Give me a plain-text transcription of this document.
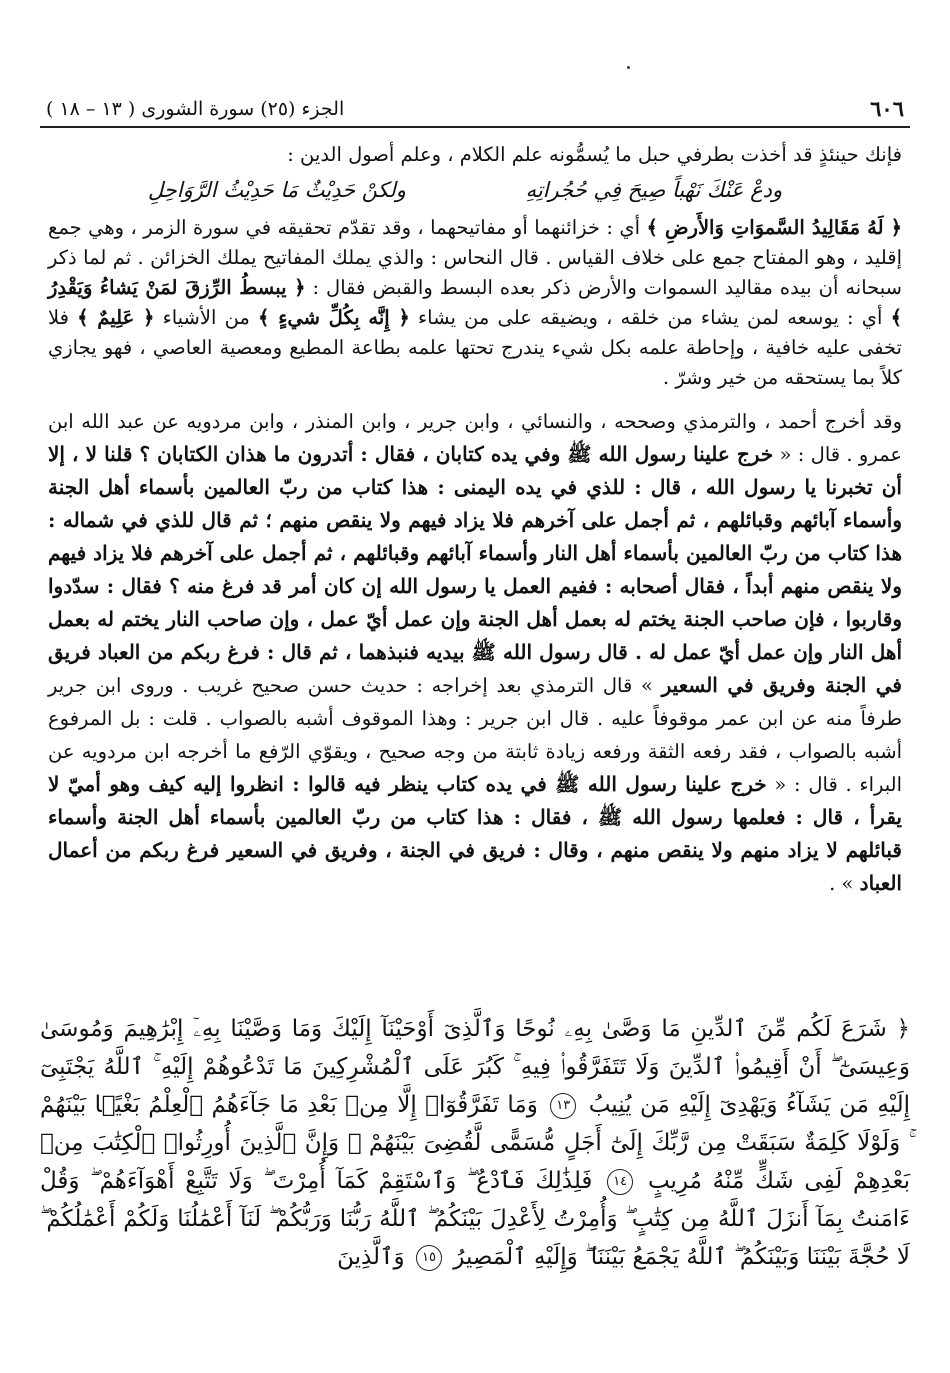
٦٠٦
الجزء (٢٥) سورة الشورى ( ١٣ – ١٨ )

فإنك حينئذٍ قد أخذت بطرفي حبل ما يُسمُّونه علم الكلام ، وعلم أصول الدين :

ودعْ عَنْكَ نَهْباً صِيحَ فِي حُجُراتِهِ
ولكنْ حَدِيْثٌ مَا حَدِيْثُ الرَّوَاحِلِ

﴿ لَهُ مَقَالِيدُ السَّموَاتِ وَالأَرضِ ﴾ أي : خزائنهما أو مفاتيحهما ، وقد تقدّم تحقيقه في سورة الزمر ، وهي جمع إقليد ، وهو المفتاح جمع على خلاف القياس . قال النحاس : والذي يملك المفاتيح يملك الخزائن . ثم لما ذكر سبحانه أن بيده مقاليد السموات والأرض ذكر بعده البسط والقبض فقال : ﴿ يبسطُ الرِّزقَ لمَنْ يَشاءُ وَيَقْدِرُ ﴾ أي : يوسعه لمن يشاء من خلقه ، ويضيقه على من يشاء ﴿ إِنَّه بِكُلِّ شيءٍ ﴾ من الأشياء ﴿ عَلِيمٌ ﴾ فلا تخفى عليه خافية ، وإحاطة علمه بكل شيء يندرج تحتها علمه بطاعة المطيع ومعصية العاصي ، فهو يجازي كلاً بما يستحقه من خير وشرّ .

وقد أخرج أحمد ، والترمذي وصححه ، والنسائي ، وابن جرير ، وابن المنذر ، وابن مردويه عن عبد الله ابن عمرو . قال : « خرج علينا رسول الله ﷺ وفي يده كتابان ، فقال : أتدرون ما هذان الكتابان ؟ قلنا لا ، إلا أن تخبرنا يا رسول الله ، قال : للذي في يده اليمنى : هذا كتاب من ربّ العالمين بأسماء أهل الجنة وأسماء آبائهم وقبائلهم ، ثم أجمل على آخرهم فلا يزاد فيهم ولا ينقص منهم ؛ ثم قال للذي في شماله : هذا كتاب من ربّ العالمين بأسماء أهل النار وأسماء آبائهم وقبائلهم ، ثم أجمل على آخرهم فلا يزاد فيهم ولا ينقص منهم أبداً ، فقال أصحابه : ففيم العمل يا رسول الله إن كان أمر قد فرغ منه ؟ فقال : سدّدوا وقاربوا ، فإن صاحب الجنة يختم له بعمل أهل الجنة وإن عمل أيّ عمل ، وإن صاحب النار يختم له بعمل أهل النار وإن عمل أيّ عمل له . قال رسول الله ﷺ بيديه فنبذهما ، ثم قال : فرغ ربكم من العباد فريق في الجنة وفريق في السعير » قال الترمذي بعد إخراجه : حديث حسن صحيح غريب . وروى ابن جرير طرفاً منه عن ابن عمر موقوفاً عليه . قال ابن جرير : وهذا الموقوف أشبه بالصواب . قلت : بل المرفوع أشبه بالصواب ، فقد رفعه الثقة ورفعه زيادة ثابتة من وجه صحيح ، ويقوّي الرّفع ما أخرجه ابن مردويه عن البراء . قال : « خرج علينا رسول الله ﷺ في يده كتاب ينظر فيه قالوا : انظروا إليه كيف وهو أميّ لا يقرأ ، قال : فعلمها رسول الله ﷺ ، فقال : هذا كتاب من ربّ العالمين بأسماء أهل الجنة وأسماء قبائلهم لا يزاد منهم ولا ينقص منهم ، وقال : فريق في الجنة ، وفريق في السعير فرغ ربكم من أعمال العباد » .

﴿ شَرَعَ لَكُم مِّنَ ٱلدِّينِ مَا وَصَّىٰ بِهِۦ نُوحًا وَٱلَّذِىٓ أَوْحَيْنَآ إِلَيْكَ وَمَا وَصَّيْنَا بِهِۦٓ إِبْرَٰهِيمَ وَمُوسَىٰ وَعِيسَىٰٓ ۖ أَنْ أَقِيمُوا۟ ٱلدِّينَ وَلَا تَتَفَرَّقُوا۟ فِيهِ ۚ كَبُرَ عَلَى ٱلْمُشْرِكِينَ مَا تَدْعُوهُمْ إِلَيْهِ ۚ ٱللَّهُ يَجْتَبِىٓ إِلَيْهِ مَن يَشَآءُ وَيَهْدِىٓ إِلَيْهِ مَن يُنِيبُ ١٣ وَمَا تَفَرَّقُوٓا۟ إِلَّا مِنۢ بَعْدِ مَا جَآءَهُمُ ٱلْعِلْمُ بَغْيًۢا بَيْنَهُمْ ۚ وَلَوْلَا كَلِمَةٌ سَبَقَتْ مِن رَّبِّكَ إِلَىٰٓ أَجَلٍ مُّسَمًّى لَّقُضِىَ بَيْنَهُمْ ۚ وَإِنَّ ٱلَّذِينَ أُورِثُوا۟ ٱلْكِتَٰبَ مِنۢ بَعْدِهِمْ لَفِى شَكٍّ مِّنْهُ مُرِيبٍ ١٤ فَلِذَٰلِكَ فَٱدْعُ ۖ وَٱسْتَقِمْ كَمَآ أُمِرْتَ ۖ وَلَا تَتَّبِعْ أَهْوَآءَهُمْ ۖ وَقُلْ ءَامَنتُ بِمَآ أَنزَلَ ٱللَّهُ مِن كِتَٰبٍ ۖ وَأُمِرْتُ لِأَعْدِلَ بَيْنَكُمُ ۖ ٱللَّهُ رَبُّنَا وَرَبُّكُمْ ۖ لَنَآ أَعْمَٰلُنَا وَلَكُمْ أَعْمَٰلُكُمْ ۖ لَا حُجَّةَ بَيْنَنَا وَبَيْنَكُمُ ۖ ٱللَّهُ يَجْمَعُ بَيْنَنَا ۖ وَإِلَيْهِ ٱلْمَصِيرُ ١٥ وَٱلَّذِينَ
